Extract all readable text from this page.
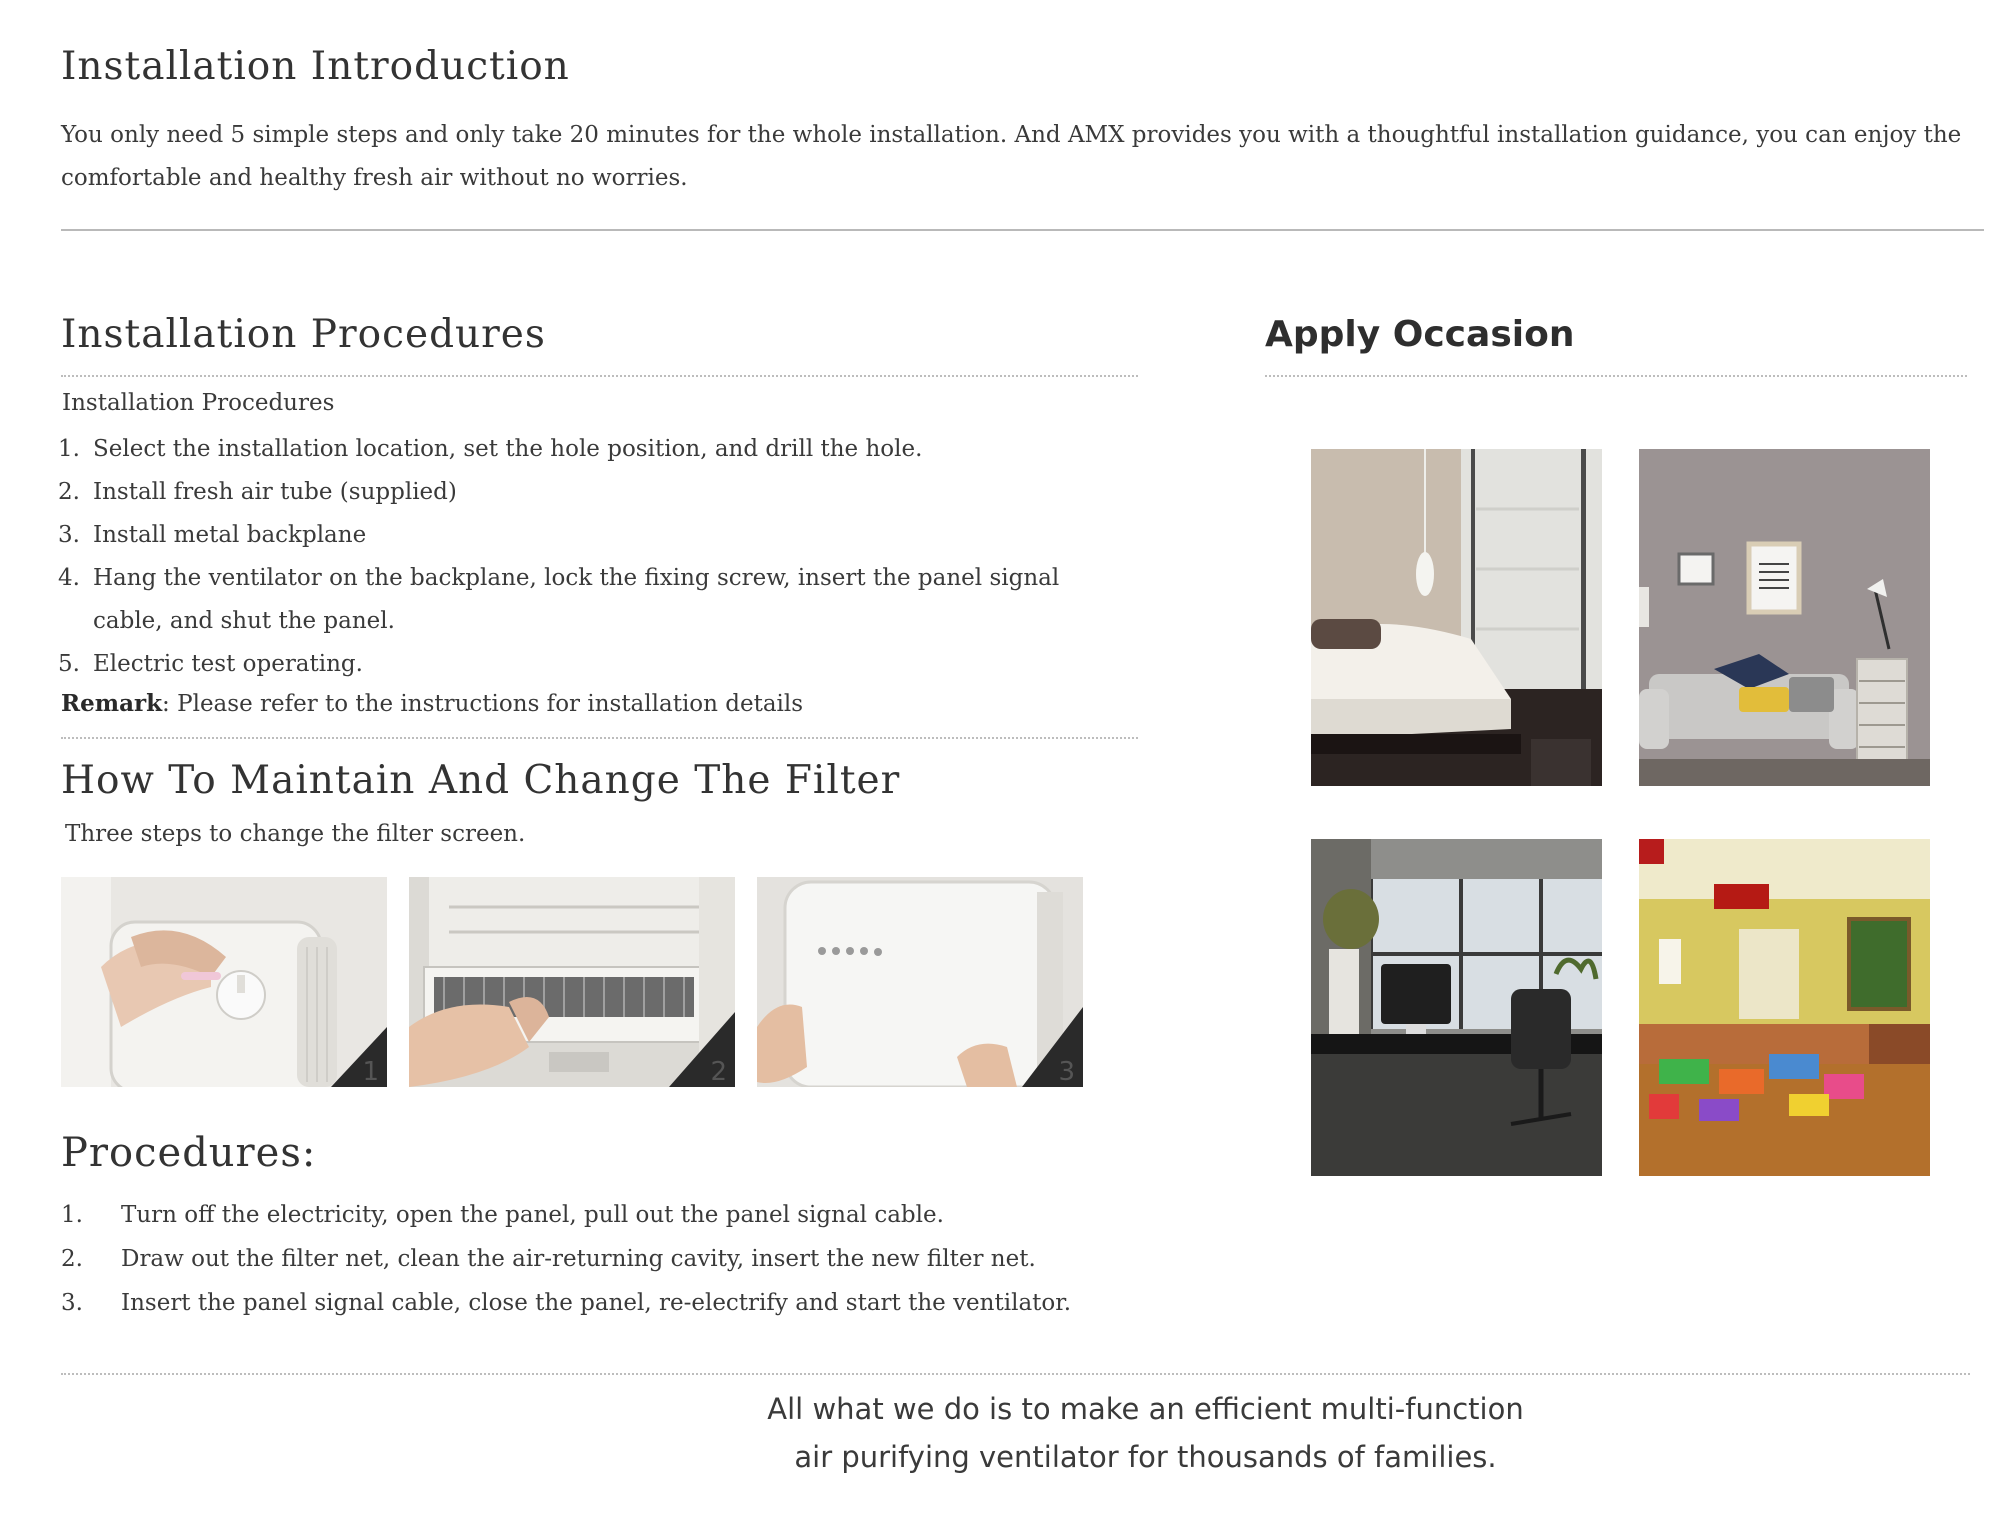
Installation Introduction
You only need 5 simple steps and only take 20 minutes for the whole installation. And AMX provides you with a thoughtful installation guidance, you can enjoy the comfortable and healthy fresh air without no worries.
Installation Procedures
Installation Procedures
1. Select the installation location, set the hole position, and drill the hole.
2. Install fresh air tube (supplied)
3. Install metal backplane
4. Hang the ventilator on the backplane, lock the fixing screw, insert the panel signal cable, and shut the panel.
5. Electric test operating.
Remark: Please refer to the instructions for installation details
How To Maintain And Change The Filter
Three steps to change the filter screen.
1	2	3
Procedures:
1.	Turn off the electricity, open the panel, pull out the panel signal cable.
2.	Draw out the filter net, clean the air-returning cavity, insert the new filter net.
3.	Insert the panel signal cable, close the panel, re-electrify and start the ventilator.
Apply Occasion
All what we do is to make an efficient multi-function
air purifying ventilator for thousands of families.
